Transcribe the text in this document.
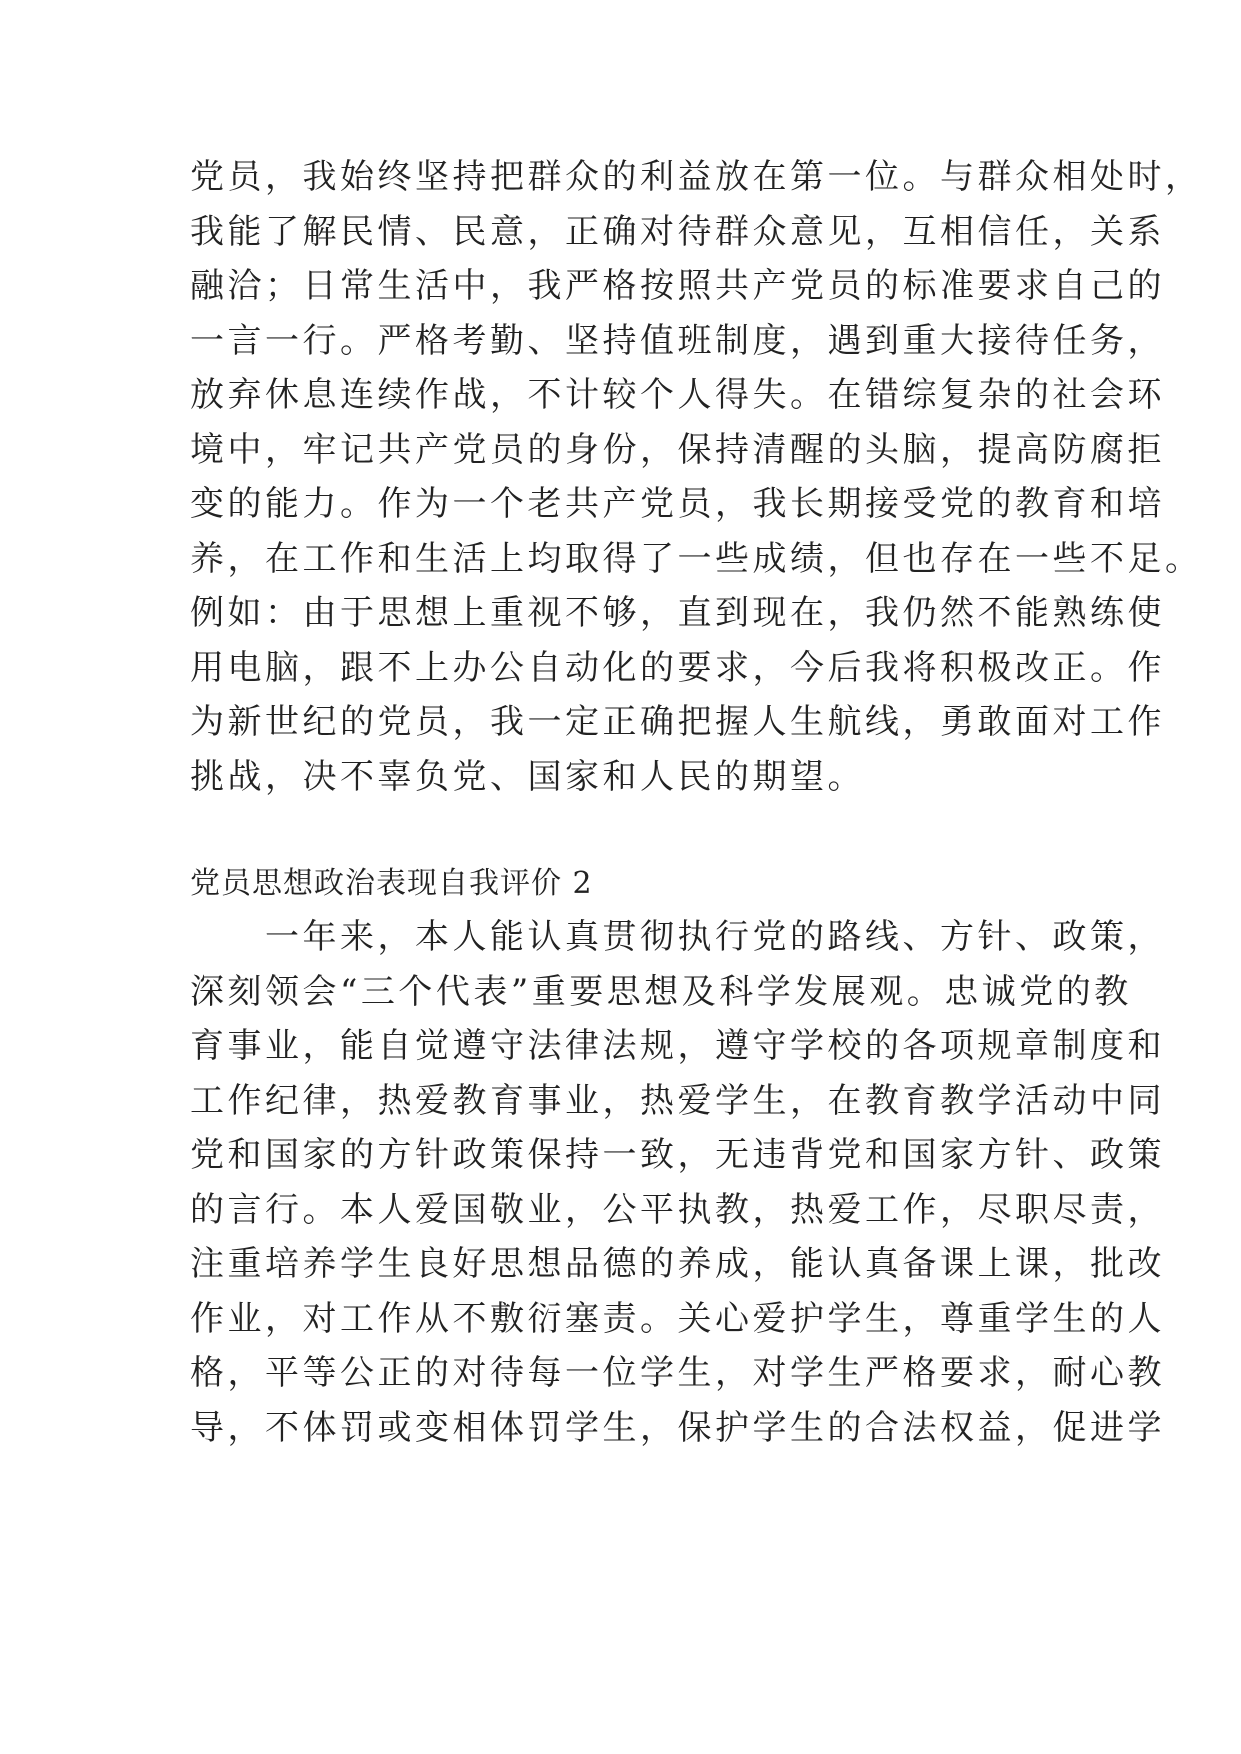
党员，我始终坚持把群众的利益放在第一位。与群众相处时，
我能了解民情、民意，正确对待群众意见，互相信任，关系
融洽；日常生活中，我严格按照共产党员的标准要求自己的
一言一行。严格考勤、坚持值班制度，遇到重大接待任务，
放弃休息连续作战，不计较个人得失。在错综复杂的社会环
境中，牢记共产党员的身份，保持清醒的头脑，提高防腐拒
变的能力。作为一个老共产党员，我长期接受党的教育和培
养，在工作和生活上均取得了一些成绩，但也存在一些不足。
例如：由于思想上重视不够，直到现在，我仍然不能熟练使
用电脑，跟不上办公自动化的要求，今后我将积极改正。作
为新世纪的党员，我一定正确把握人生航线，勇敢面对工作
挑战，决不辜负党、国家和人民的期望。
党员思想政治表现自我评价 2
　　一年来，本人能认真贯彻执行党的路线、方针、政策，
深刻领会“三个代表”重要思想及科学发展观。忠诚党的教
育事业，能自觉遵守法律法规，遵守学校的各项规章制度和
工作纪律，热爱教育事业，热爱学生，在教育教学活动中同
党和国家的方针政策保持一致，无违背党和国家方针、政策
的言行。本人爱国敬业，公平执教，热爱工作，尽职尽责，
注重培养学生良好思想品德的养成，能认真备课上课，批改
作业，对工作从不敷衍塞责。关心爱护学生，尊重学生的人
格，平等公正的对待每一位学生，对学生严格要求，耐心教
导，不体罚或变相体罚学生，保护学生的合法权益，促进学
